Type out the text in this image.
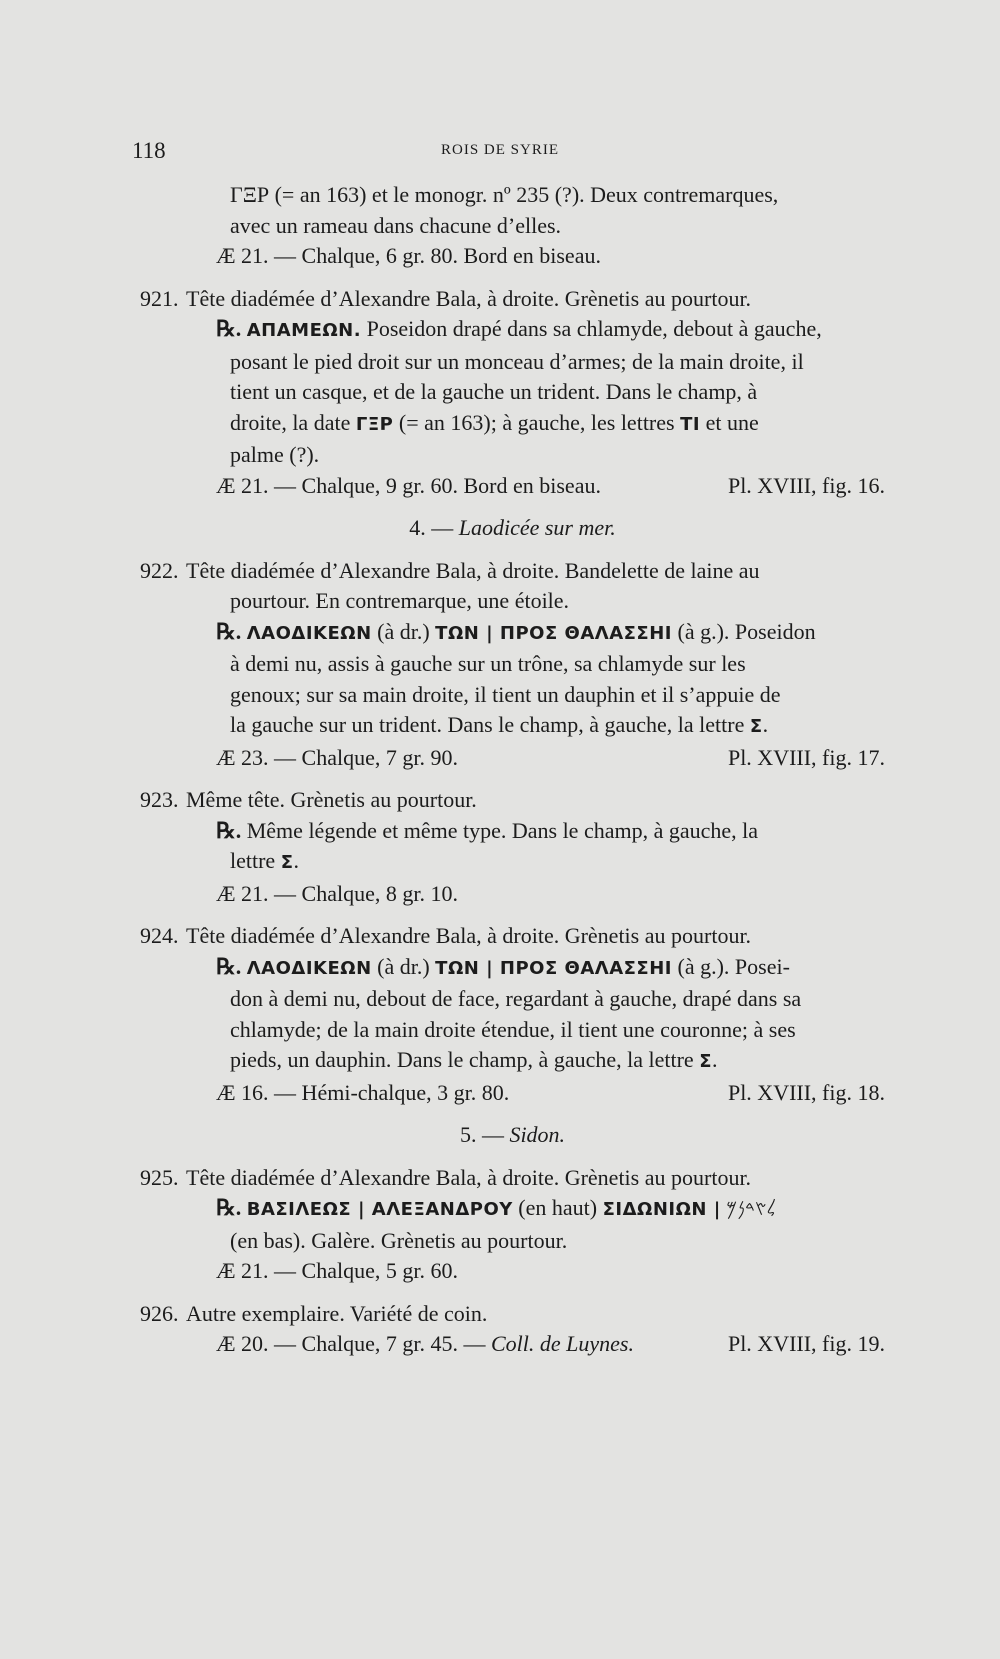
118	ROIS DE SYRIE
ΓΞΡ (= an 163) et le monogr. nº 235 (?). Deux contremarques,
avec un rameau dans chacune d’elles.
Æ 21. — Chalque, 6 gr. 80. Bord en biseau.
921. Tête diadémée d’Alexandre Bala, à droite. Grènetis au pourtour.
℞. ΑΠΑΜΕΩΝ. Poseidon drapé dans sa chlamyde, debout à gauche,
posant le pied droit sur un monceau d’armes; de la main droite, il
tient un casque, et de la gauche un trident. Dans le champ, à
droite, la date ΓΞΡ (= an 163); à gauche, les lettres ΤΙ et une
palme (?).
Æ 21. — Chalque, 9 gr. 60. Bord en biseau.	Pl. XVIII, fig. 16.
4. — Laodicée sur mer.
922. Tête diadémée d’Alexandre Bala, à droite. Bandelette de laine au
pourtour. En contremarque, une étoile.
℞. ΛΑΟΔΙΚΕΩΝ (à dr.) ΤΩΝ | ΠΡΟΣ ΘΑΛΑΣΣΗΙ (à g.). Poseidon
à demi nu, assis à gauche sur un trône, sa chlamyde sur les
genoux; sur sa main droite, il tient un dauphin et il s’appuie de
la gauche sur un trident. Dans le champ, à gauche, la lettre Σ.
Æ 23. — Chalque, 7 gr. 90.	Pl. XVIII, fig. 17.
923. Même tête. Grènetis au pourtour.
℞. Même légende et même type. Dans le champ, à gauche, la
lettre Σ.
Æ 21. — Chalque, 8 gr. 10.
924. Tête diadémée d’Alexandre Bala, à droite. Grènetis au pourtour.
℞. ΛΑΟΔΙΚΕΩΝ (à dr.) ΤΩΝ | ΠΡΟΣ ΘΑΛΑΣΣΗΙ (à g.). Posei-
don à demi nu, debout de face, regardant à gauche, drapé dans sa
chlamyde; de la main droite étendue, il tient une couronne; à ses
pieds, un dauphin. Dans le champ, à gauche, la lettre Σ.
Æ 16. — Hémi-chalque, 3 gr. 80.	Pl. XVIII, fig. 18.
5. — Sidon.
925. Tête diadémée d’Alexandre Bala, à droite. Grènetis au pourtour.
℞. ΒΑΣΙΛΕΩΣ | ΑΛΕΞΑΝΔΡΟΥ (en haut) ΣΙΔΩΝΙΩΝ | 𐤋𐤑𐤃𐤍𐤌
(en bas). Galère. Grènetis au pourtour.
Æ 21. — Chalque, 5 gr. 60.
926. Autre exemplaire. Variété de coin.
Æ 20. — Chalque, 7 gr. 45. — Coll. de Luynes.	Pl. XVIII, fig. 19.
